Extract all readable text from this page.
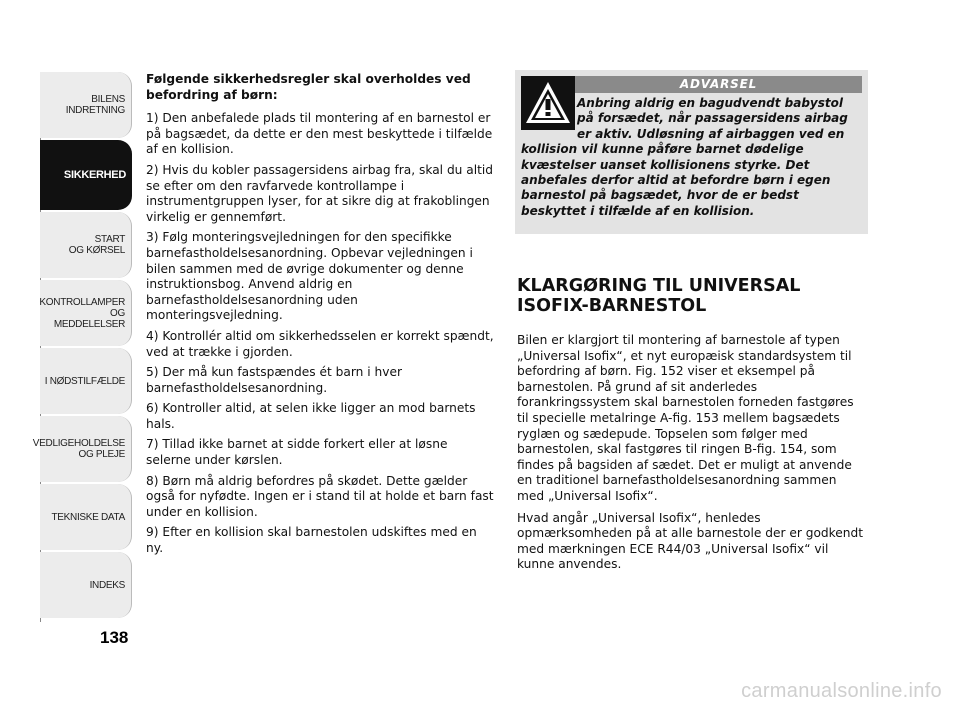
BILENS
INDRETNING
SIKKERHED
START
OG KØRSEL
KONTROLLAMPER
OG MEDDELELSER
I NØDSTILFÆLDE
VEDLIGEHOLDELSE
OG PLEJE
TEKNISKE DATA
INDEKS
138

Følgende sikkerhedsregler skal overholdes ved befordring af børn:

1) Den anbefalede plads til montering af en barnestol er på bagsædet, da dette er den mest beskyttede i tilfælde af en kollision.

2) Hvis du kobler passagersidens airbag fra, skal du altid se efter om den ravfarvede kontrollampe i instrumentgruppen lyser, for at sikre dig at frakoblingen virkelig er gennemført.

3) Følg monteringsvejledningen for den specifikke barnefastholdelsesanordning. Opbevar vejledningen i bilen sammen med de øvrige dokumenter og denne instruktionsbog. Anvend aldrig en barnefastholdelsesanordning uden monteringsvejledning.

4) Kontrollér altid om sikkerhedsselen er korrekt spændt, ved at trække i gjorden.

5) Der må kun fastspændes ét barn i hver barnefastholdelsesanordning.

6) Kontroller altid, at selen ikke ligger an mod barnets hals.

7) Tillad ikke barnet at sidde forkert eller at løsne selerne under kørslen.

8) Børn må aldrig befordres på skødet. Dette gælder også for nyfødte. Ingen er i stand til at holde et barn fast under en kollision.

9) Efter en kollision skal barnestolen udskiftes med en ny.

ADVARSEL
Anbring aldrig en bagudvendt babystol på forsædet, når passagersidens airbag er aktiv. Udløsning af airbaggen ved en kollision vil kunne påføre barnet dødelige kvæstelser uanset kollisionens styrke. Det anbefales derfor altid at befordre børn i egen barnestol på bagsædet, hvor de er bedst beskyttet i tilfælde af en kollision.
KLARGØRING TIL UNIVERSAL ISOFIX-BARNESTOL

Bilen er klargjort til montering af barnestole af typen „Universal Isofix“, et nyt europæisk standardsystem til befordring af børn. Fig. 152 viser et eksempel på barnestolen. På grund af sit anderledes forankringssystem skal barnestolen forneden fastgøres til specielle metalringe A-fig. 153 mellem bagsædets ryglæn og sædepude. Topselen som følger med barnestolen, skal fastgøres til ringen B-fig. 154, som findes på bagsiden af sædet. Det er muligt at anvende en traditionel barnefastholdelsesanordning sammen med „Universal Isofix“.

Hvad angår „Universal Isofix“, henledes opmærksomheden på at alle barnestole der er godkendt med mærkningen ECE R44/03 „Universal Isofix“ vil kunne anvendes.

carmanualsonline.info
